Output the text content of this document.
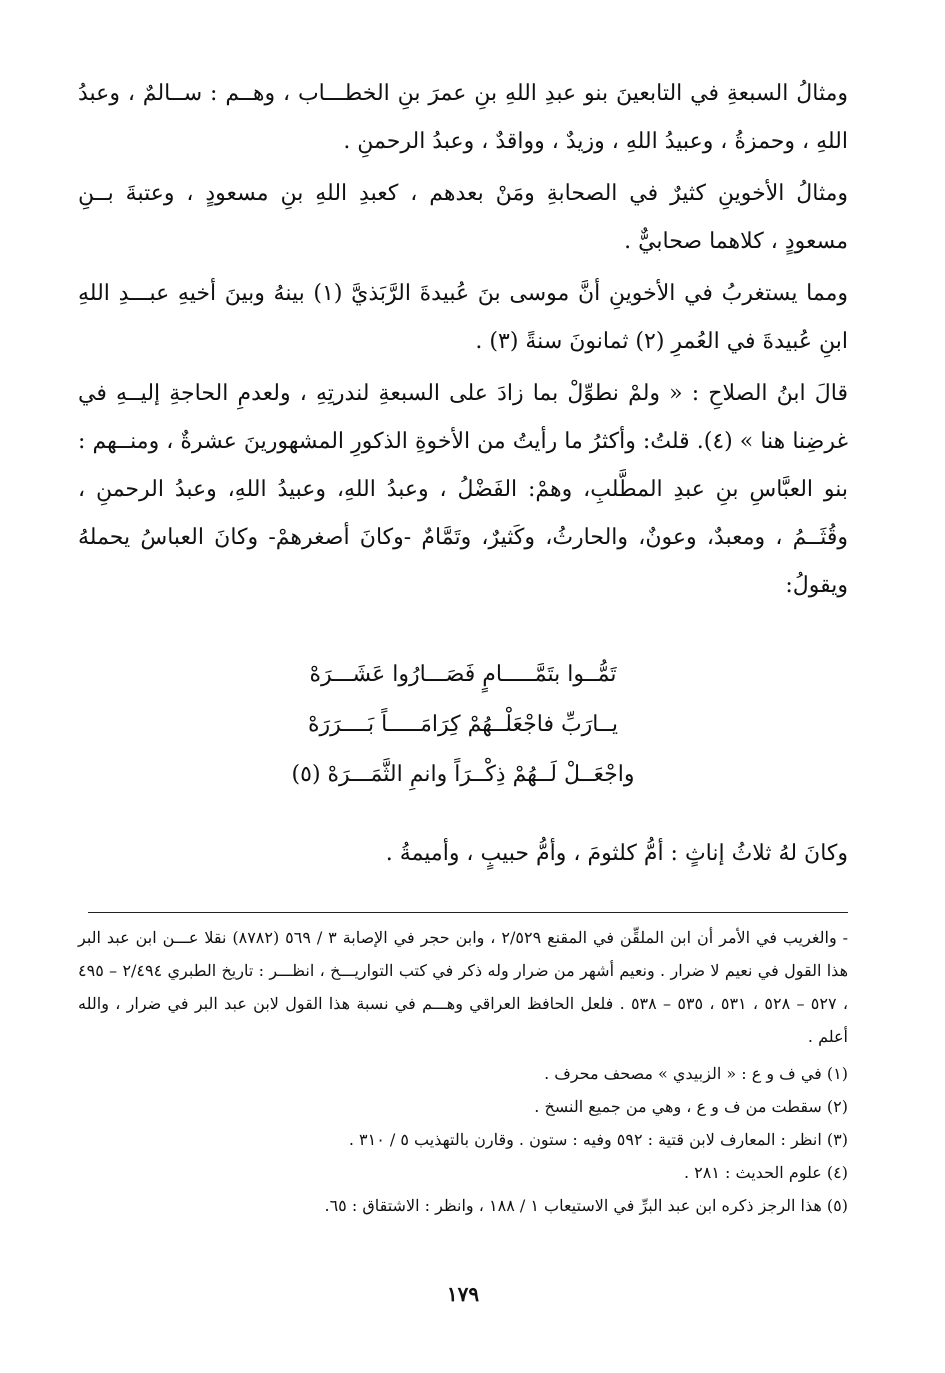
ومثالُ السبعةِ في التابعينَ بنو عبدِ اللهِ بنِ عمرَ بنِ الخطـــاب ، وهــم : ســالمٌ ، وعبدُ اللهِ ، وحمزةُ ، وعبيدُ اللهِ ، وزيدٌ ، وواقدٌ ، وعبدُ الرحمنِ .

ومثالُ الأخوينِ كثيرٌ في الصحابةِ ومَنْ بعدهم ، كعبدِ اللهِ بنِ مسعودٍ ، وعتبةَ بــنِ مسعودٍ ، كلاهما صحابيٌّ .

ومما يستغربُ في الأخوينِ أنَّ موسى بنَ عُبيدةَ الرَّبَذيَّ (١) بينهُ وبينَ أخيهِ عبـــدِ اللهِ ابنِ عُبيدةَ في العُمرِ (٢) ثمانونَ سنةً (٣) .

قالَ ابنُ الصلاحِ : « ولمْ نطوِّلْ بما زادَ على السبعةِ لندرتِهِ ، ولعدمِ الحاجةِ إليــهِ في غرضِنا هنا » (٤). قلتُ: وأكثرُ ما رأيتُ من الأخوةِ الذكورِ المشهورينَ عشرةٌ ، ومنــهم : بنو العبَّاسِ بنِ عبدِ المطَّلبِ، وهمْ: الفَضْلُ ، وعبدُ اللهِ، وعبيدُ اللهِ، وعبدُ الرحمنِ ، وقُثَــمُ ، ومعبدٌ، وعونٌ، والحارثُ، وكَثيرٌ، وتَمَّامٌ -وكانَ أصغرهمْ- وكانَ العباسُ يحملهُ ويقولُ:

تَمُّــوا بتَمَّـــــامٍ فَصَـــارُوا عَشَـــرَهْ
يــارَبِّ فاجْعَلْــهُمْ كِرَامَـــــاً بَــــرَرَهْ
واجْعَــلْ لَــهُمْ ذِكْــرَاً وانمِ الثَّمَـــرَهْ (٥)
وكانَ لهُ ثلاثُ إناثٍ : أمُّ كلثومَ ، وأمُّ حبيبٍ ، وأميمةُ .

- والغريب في الأمر أن ابن الملقِّن في المقنع ٢/٥٢٩ ، وابن حجر في الإصابة ٣ / ٥٦٩ (٨٧٨٢) نقلا عـــن ابن عبد البر هذا القول في نعيم لا ضرار . ونعيم أشهر من ضرار وله ذكر في كتب التواريـــخ ، انظـــر : تاريخ الطبري ٢/٤٩٤ – ٤٩٥ ، ٥٢٧ – ٥٢٨ ، ٥٣١ ، ٥٣٥ – ٥٣٨ . فلعل الحافظ العراقي وهـــم في نسبة هذا القول لابن عبد البر في ضرار ، والله أعلم .

(١) في ف و ع : « الزبيدي » مصحف محرف .

(٢) سقطت من ف و ع ، وهي من جميع النسخ .

(٣) انظر : المعارف لابن قتية : ٥٩٢ وفيه : ستون . وقارن بالتهذيب ٥ / ٣١٠ .

(٤) علوم الحديث : ٢٨١ .

(٥) هذا الرجز ذكره ابن عبد البرِّ في الاستيعاب ١ / ١٨٨ ، وانظر : الاشتقاق : ٦٥.

١٧٩
